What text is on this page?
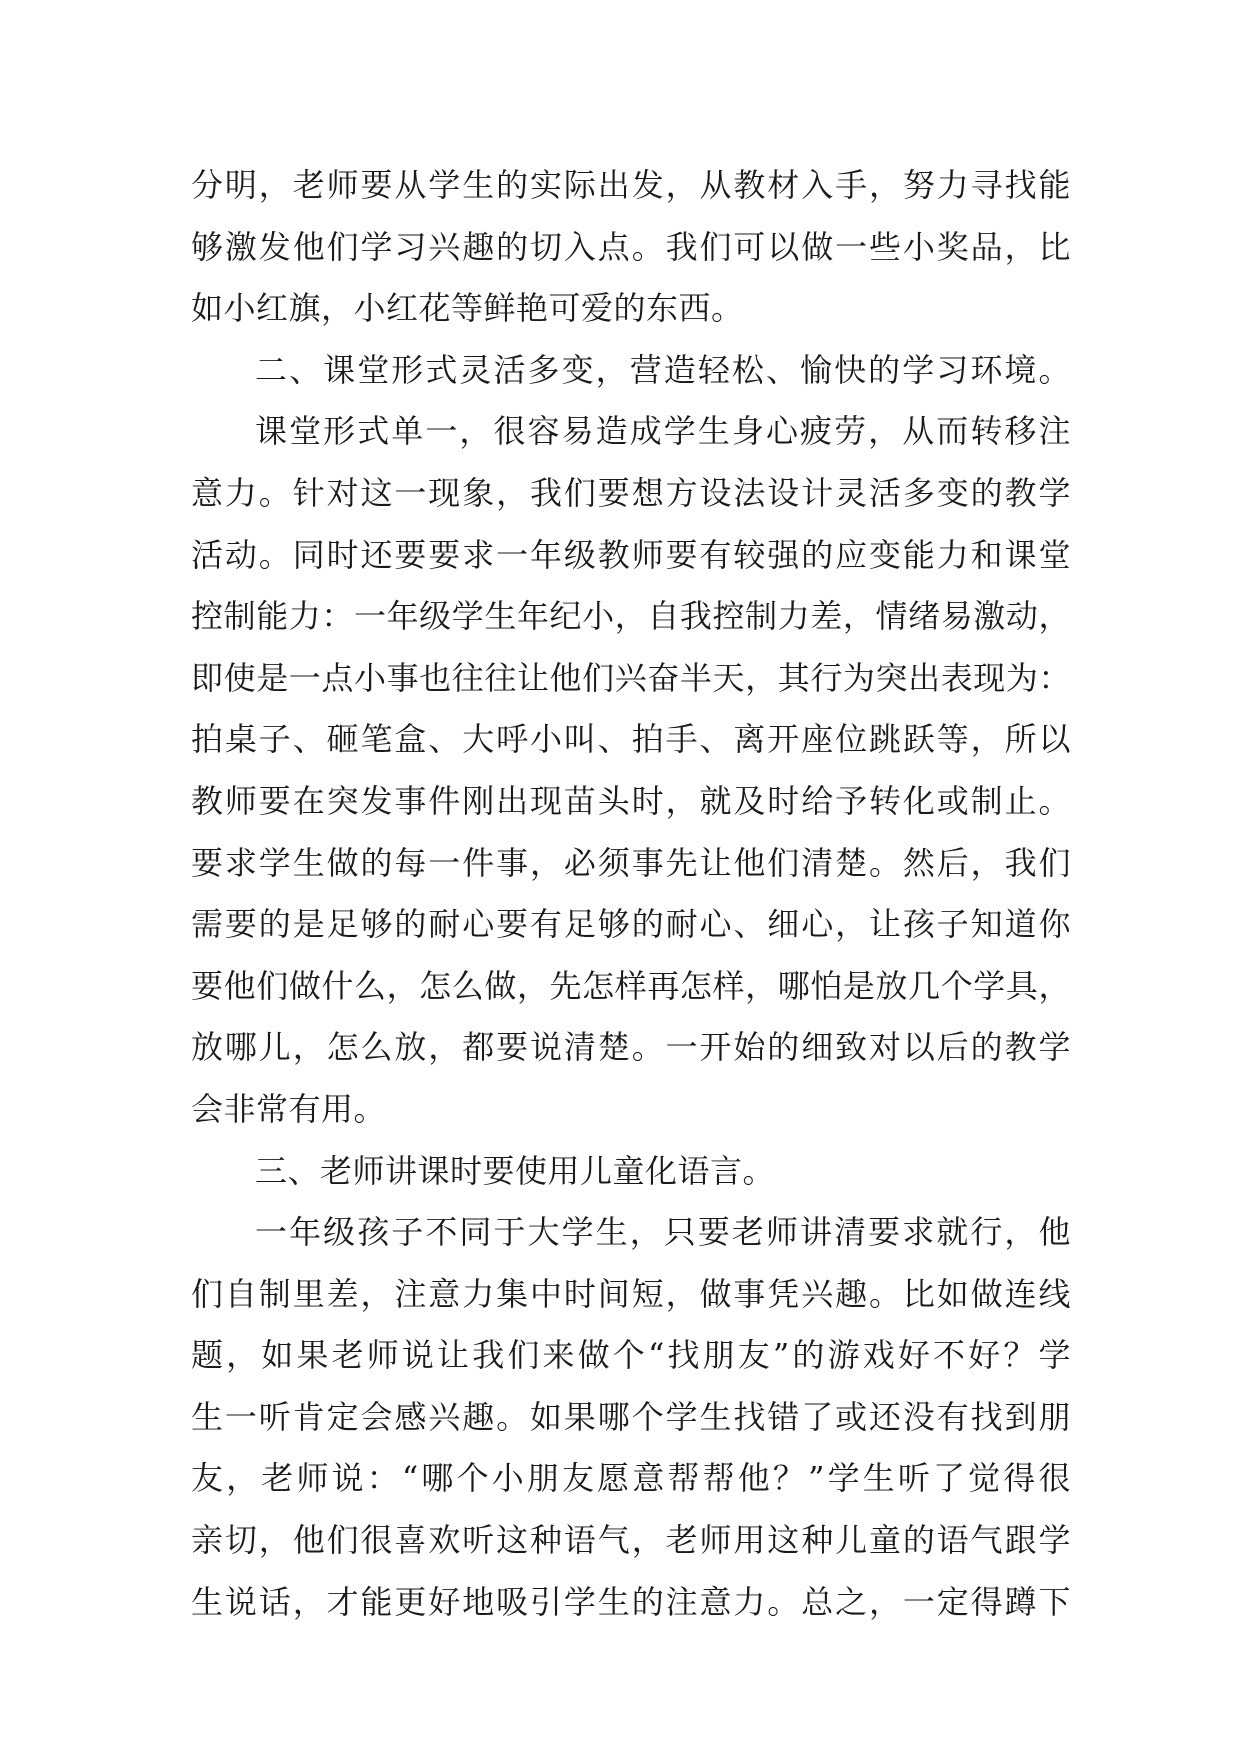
分明，老师要从学生的实际出发，从教材入手，努力寻找能
够激发他们学习兴趣的切入点。我们可以做一些小奖品，比
如小红旗，小红花等鲜艳可爱的东西。
二、课堂形式灵活多变，营造轻松、愉快的学习环境。
课堂形式单一，很容易造成学生身心疲劳，从而转移注
意力。针对这一现象，我们要想方设法设计灵活多变的教学
活动。同时还要要求一年级教师要有较强的应变能力和课堂
控制能力：一年级学生年纪小，自我控制力差，情绪易激动，
即使是一点小事也往往让他们兴奋半天，其行为突出表现为：
拍桌子、砸笔盒、大呼小叫、拍手、离开座位跳跃等，所以
教师要在突发事件刚出现苗头时，就及时给予转化或制止。
要求学生做的每一件事，必须事先让他们清楚。然后，我们
需要的是足够的耐心要有足够的耐心、细心，让孩子知道你
要他们做什么，怎么做，先怎样再怎样，哪怕是放几个学具，
放哪儿，怎么放，都要说清楚。一开始的细致对以后的教学
会非常有用。
三、老师讲课时要使用儿童化语言。
一年级孩子不同于大学生，只要老师讲清要求就行，他
们自制里差，注意力集中时间短，做事凭兴趣。比如做连线
题，如果老师说让我们来做个“找朋友”的游戏好不好？学
生一听肯定会感兴趣。如果哪个学生找错了或还没有找到朋
友，老师说：“哪个小朋友愿意帮帮他？”学生听了觉得很
亲切，他们很喜欢听这种语气，老师用这种儿童的语气跟学
生说话，才能更好地吸引学生的注意力。总之，一定得蹲下
